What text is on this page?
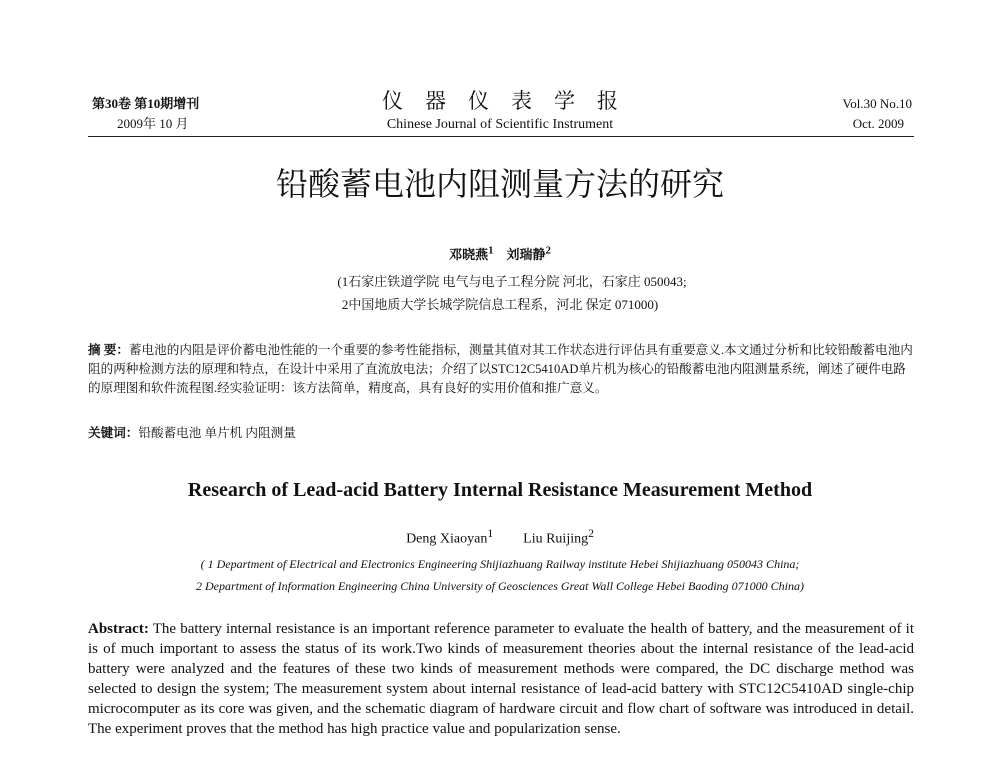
第30卷 第10期增刊
2009年 10 月
仪器仪表学报
Chinese Journal of Scientific Instrument
Vol.30 No.10
Oct. 2009
铅酸蓄电池内阻测量方法的研究
邓晓燕$^1$ 刘瑞静$^2$
(1石家庄铁道学院 电气与电子工程分院 河北，石家庄 050043;
2中国地质大学长城学院信息工程系，河北 保定 071000)
摘 要：蓄电池的内阻是评价蓄电池性能的一个重要的参考性能指标，测量其值对其工作状态进行评估具有重要意义.本文通过分析和比较铅酸蓄电池内阻的两种检测方法的原理和特点，在设计中采用了直流放电法；介绍了以STC12C5410AD单片机为核心的铅酸蓄电池内阻测量系统，阐述了硬件电路的原理图和软件流程图.经实验证明：该方法简单，精度高，具有良好的实用价值和推广意义。
关键词：铅酸蓄电池 单片机 内阻测量
Research of Lead-acid Battery Internal Resistance Measurement Method
Deng Xiaoyan$^1$ Liu Ruijing$^2$
( 1 Department of Electrical and Electronics Engineering Shijiazhuang Railway institute Hebei Shijiazhuang 050043 China;
2 Department of Information Engineering China University of Geosciences Great Wall College Hebei Baoding 071000 China)
Abstract: The battery internal resistance is an important reference parameter to evaluate the health of battery, and the measurement of it is of much important to assess the status of its work.Two kinds of measurement theories about the internal resistance of the lead-acid battery were analyzed and the features of these two kinds of measurement methods were compared, the DC discharge method was selected to design the system; The measurement system about internal resistance of lead-acid battery with STC12C5410AD single-chip microcomputer as its core was given, and the schematic diagram of hardware circuit and flow chart of software was introduced in detail. The experiment proves that the method has high practice value and popularization sense.
